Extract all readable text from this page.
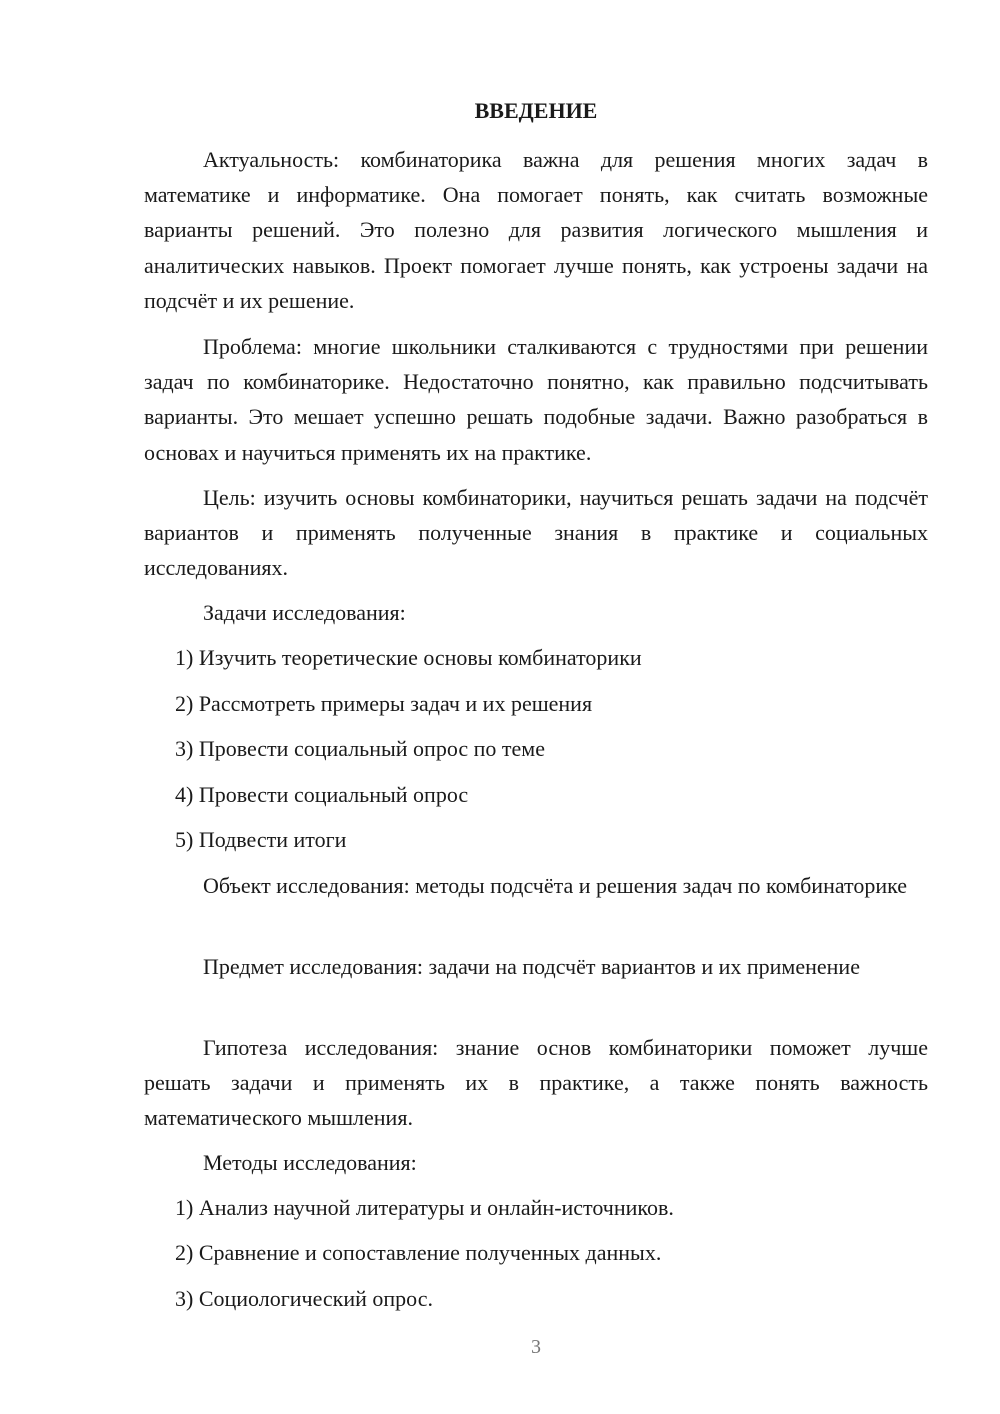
ВВЕДЕНИЕ

Актуальность: комбинаторика важна для решения многих задач в математике и информатике. Она помогает понять, как считать возможные варианты решений. Это полезно для развития логического мышления и аналитических навыков. Проект помогает лучше понять, как устроены задачи на подсчёт и их решение.

Проблема: многие школьники сталкиваются с трудностями при решении задач по комбинаторике. Недостаточно понятно, как правильно подсчитывать варианты. Это мешает успешно решать подобные задачи. Важно разобраться в основах и научиться применять их на практике.

Цель: изучить основы комбинаторики, научиться решать задачи на подсчёт вариантов и применять полученные знания в практике и социальных исследованиях.

Задачи исследования:

1) Изучить теоретические основы комбинаторики

2) Рассмотреть примеры задач и их решения

3) Провести социальный опрос по теме

4) Провести социальный опрос

5) Подвести итоги

Объект исследования: методы подсчёта и решения задач по комбинаторике

Предмет исследования: задачи на подсчёт вариантов и их применение

Гипотеза исследования: знание основ комбинаторики поможет лучше решать задачи и применять их в практике, а также понять важность математического мышления.

Методы исследования:

1) Анализ научной литературы и онлайн-источников.

2) Сравнение и сопоставление полученных данных.

3) Социологический опрос.

3
